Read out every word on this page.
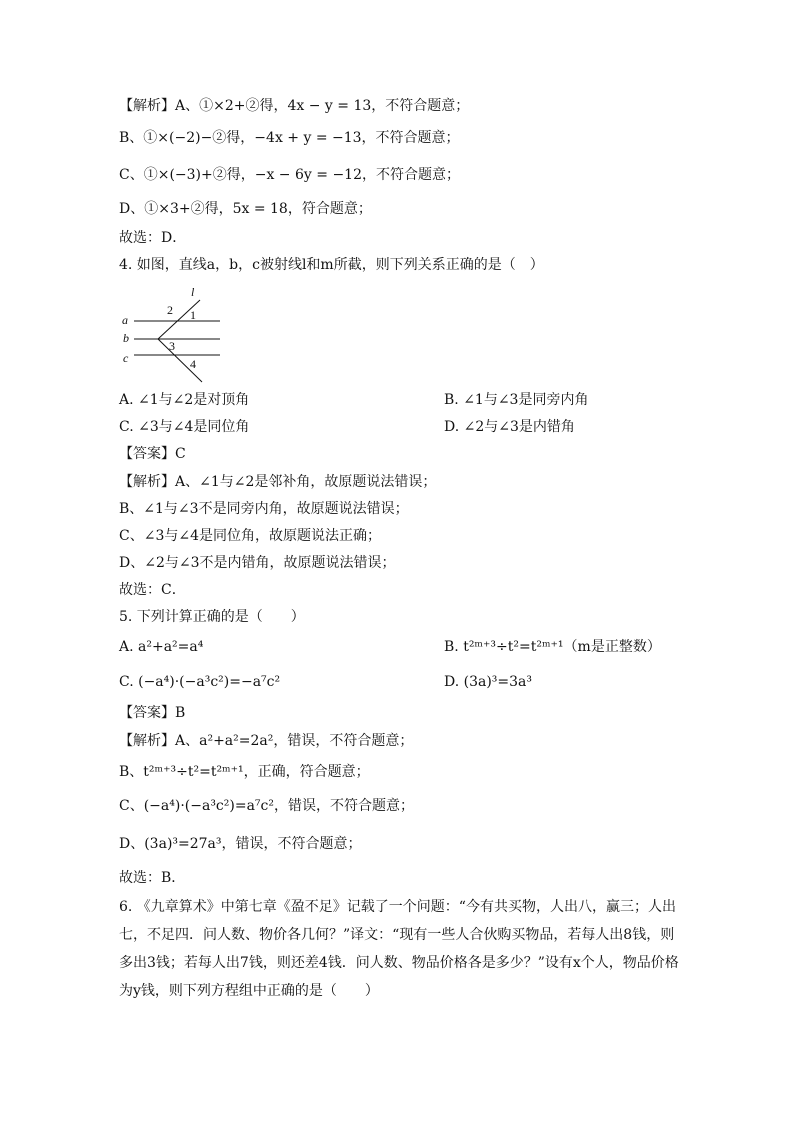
【解析】A、①×2+②得，4x − y = 13，不符合题意；
B、①×(−2)−②得，−4x + y = −13，不符合题意；
C、①×(−3)+②得，−x − 6y = −12，不符合题意；
D、①×3+②得，5x = 18，符合题意；
故选：D．
4. 如图，直线a，b，c被射线l和m所截，则下列关系正确的是（　）
l
a
b
c
2 1
3
4
A. ∠1与∠2是对顶角	B. ∠1与∠3是同旁内角
C. ∠3与∠4是同位角	D. ∠2与∠3是内错角
【答案】C
【解析】A、∠1与∠2是邻补角，故原题说法错误；
B、∠1与∠3不是同旁内角，故原题说法错误；
C、∠3与∠4是同位角，故原题说法正确；
D、∠2与∠3不是内错角，故原题说法错误；
故选：C．
5. 下列计算正确的是（　　）
A. a²+a²=a⁴	B. t²ᵐ⁺³÷t²=t²ᵐ⁺¹（m是正整数）
C. (−a⁴)·(−a³c²)=−a⁷c²	D. (3a)³=3a³
【答案】B
【解析】A、a²+a²=2a²，错误，不符合题意；
B、t²ᵐ⁺³÷t²=t²ᵐ⁺¹，正确，符合题意；
C、(−a⁴)·(−a³c²)=a⁷c²，错误，不符合题意；
D、(3a)³=27a³，错误，不符合题意；
故选：B．
6. 《九章算术》中第七章《盈不足》记载了一个问题：“今有共买物，人出八，赢三；人出七，不足四．问人数、物价各几何？”译文：“现有一些人合伙购买物品，若每人出8钱，则多出3钱；若每人出7钱，则还差4钱．问人数、物品价格各是多少？”设有x个人，物品价格为y钱，则下列方程组中正确的是（　　）
